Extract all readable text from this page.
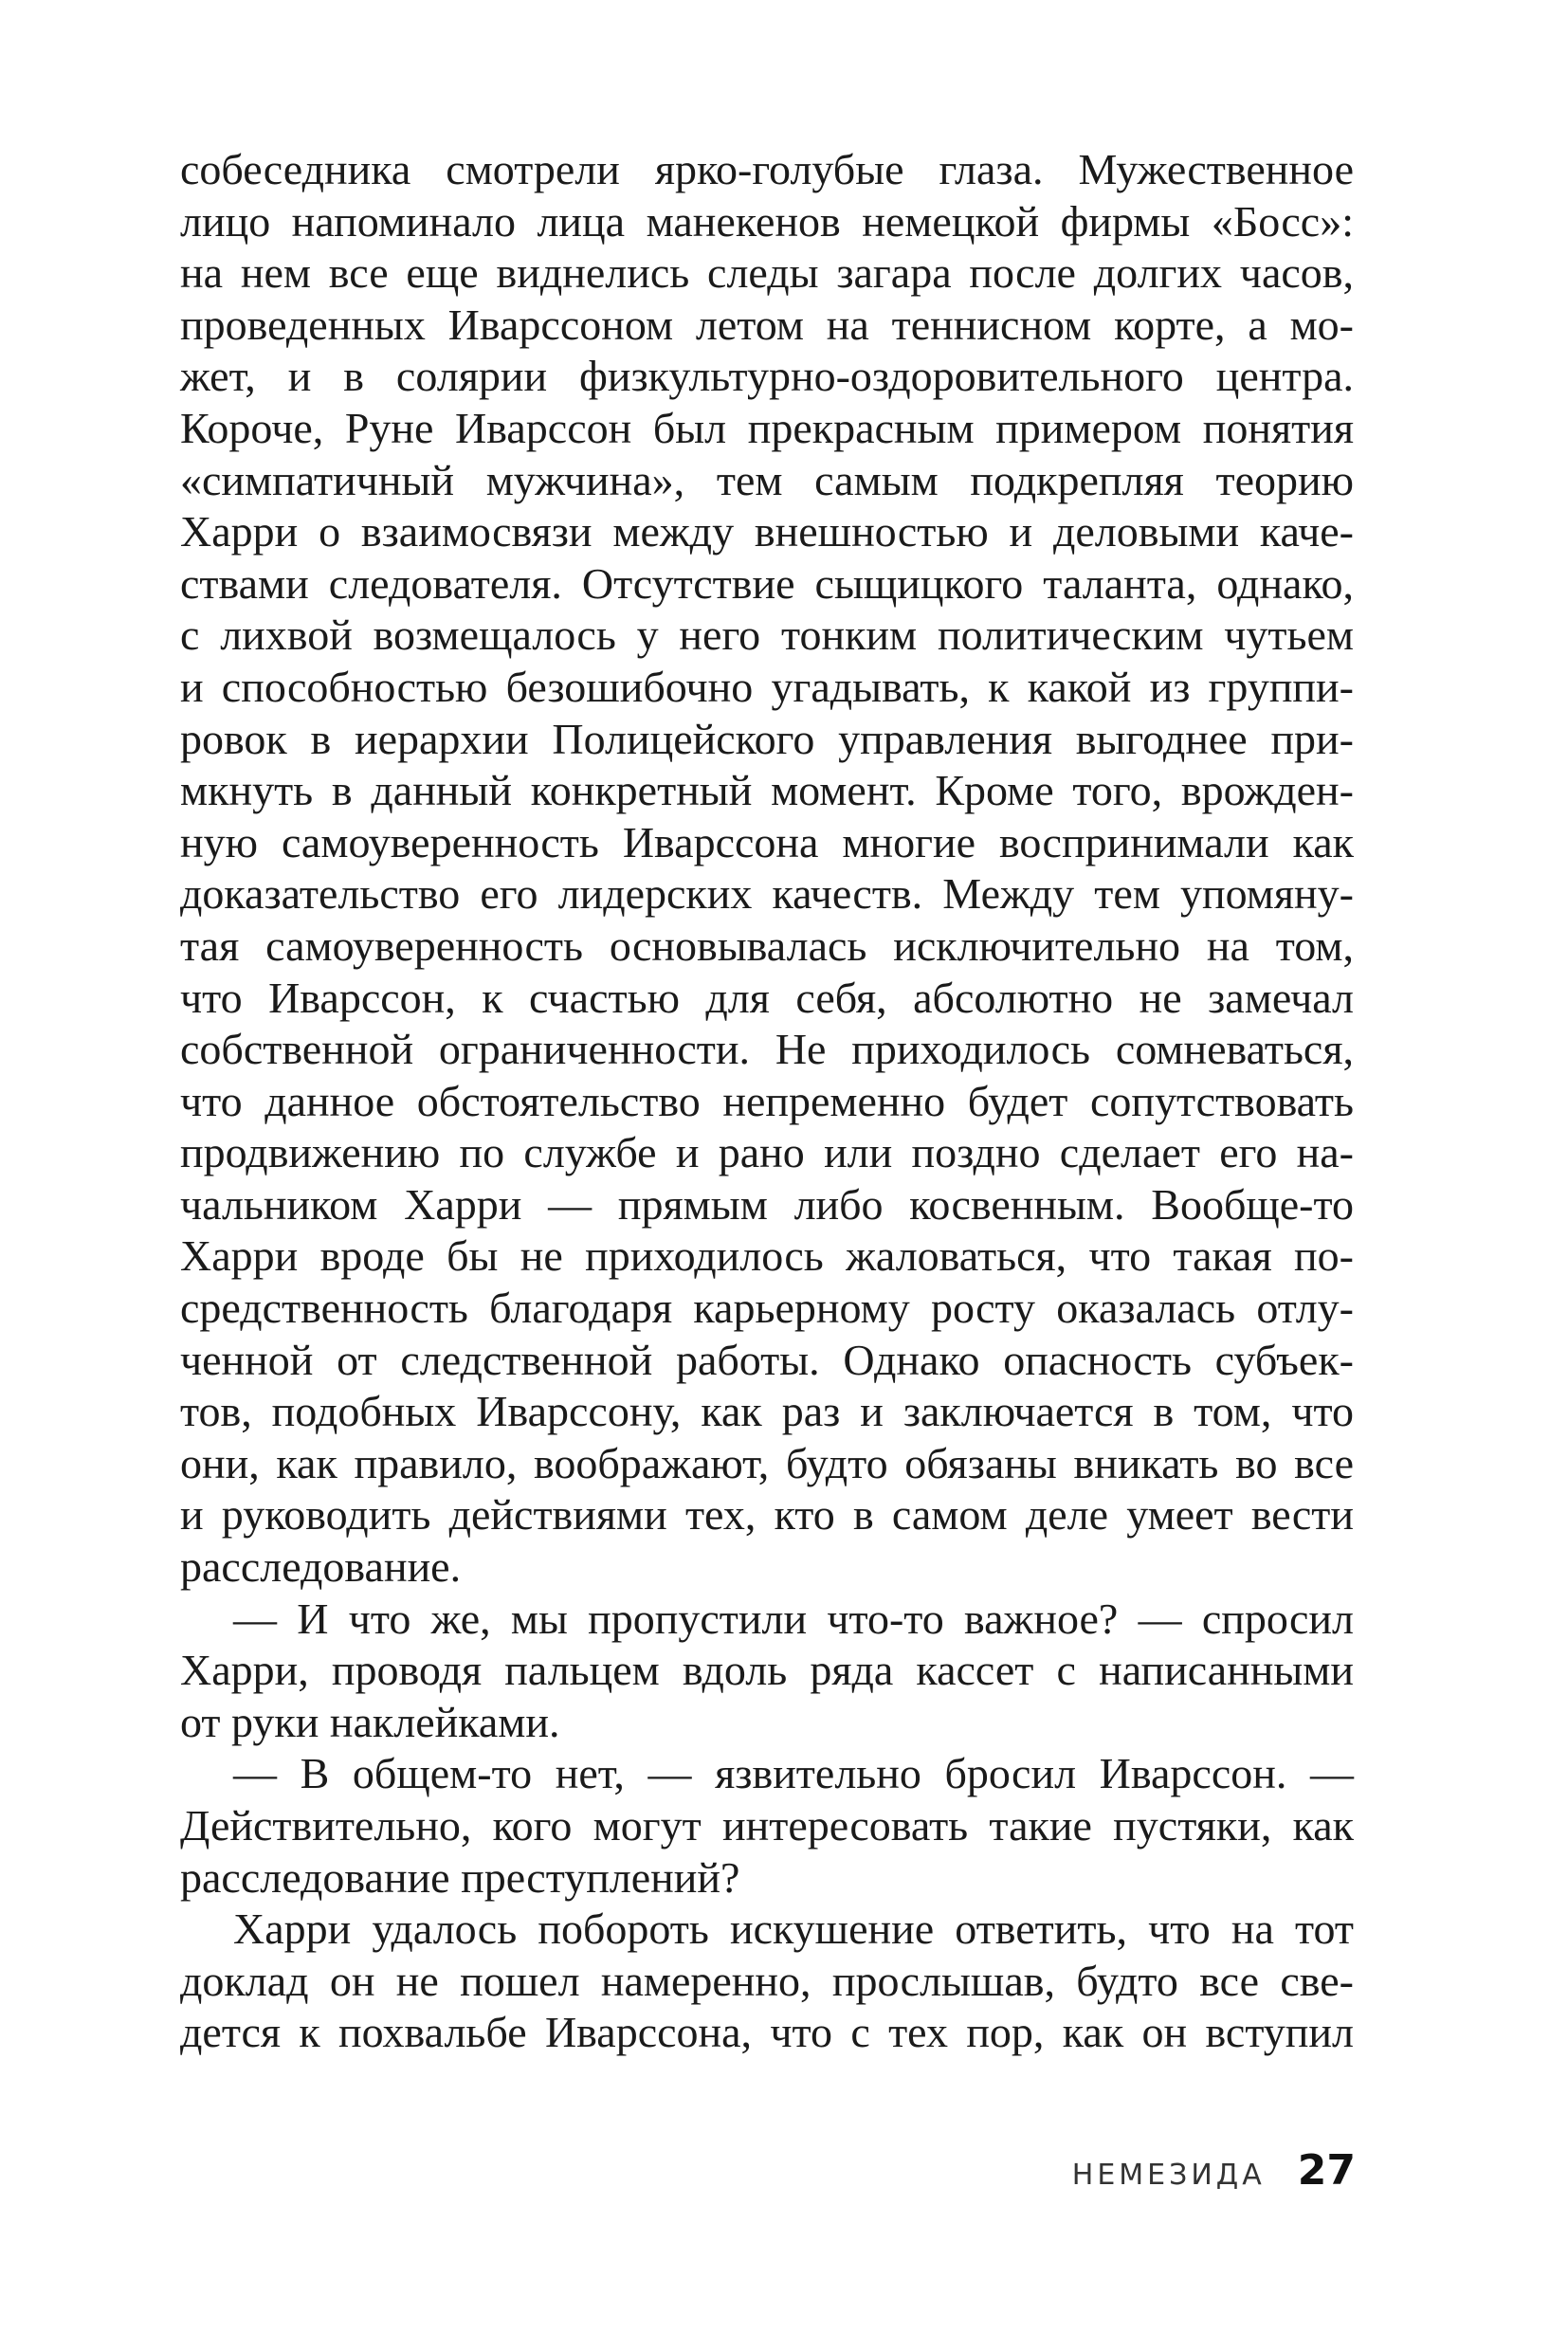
собеседника смотрели ярко-голубые глаза. Мужественное
лицо напоминало лица манекенов немецкой фирмы «Босс»:
на нем все еще виднелись следы загара после долгих часов,
проведенных Иварссоном летом на теннисном корте, а мо-
жет, и в солярии физкультурно-оздоровительного центра.
Короче, Руне Иварссон был прекрасным примером понятия
«симпатичный мужчина», тем самым подкрепляя теорию
Харри о взаимосвязи между внешностью и деловыми каче-
ствами следователя. Отсутствие сыщицкого таланта, однако,
с лихвой возмещалось у него тонким политическим чутьем
и способностью безошибочно угадывать, к какой из группи-
ровок в иерархии Полицейского управления выгоднее при-
мкнуть в данный конкретный момент. Кроме того, врожден-
ную самоуверенность Иварссона многие воспринимали как
доказательство его лидерских качеств. Между тем упомяну-
тая самоуверенность основывалась исключительно на том,
что Иварссон, к счастью для себя, абсолютно не замечал
собственной ограниченности. Не приходилось сомневаться,
что данное обстоятельство непременно будет сопутствовать
продвижению по службе и рано или поздно сделает его на-
чальником Харри — прямым либо косвенным. Вообще-то
Харри вроде бы не приходилось жаловаться, что такая по-
средственность благодаря карьерному росту оказалась отлу-
ченной от следственной работы. Однако опасность субъек-
тов, подобных Иварссону, как раз и заключается в том, что
они, как правило, воображают, будто обязаны вникать во все
и руководить действиями тех, кто в самом деле умеет вести
расследование.
— И что же, мы пропустили что-то важное? — спросил
Харри, проводя пальцем вдоль ряда кассет с написанными
от руки наклейками.
— В общем-то нет, — язвительно бросил Иварссон. —
Действительно, кого могут интересовать такие пустяки, как
расследование преступлений?
Харри удалось побороть искушение ответить, что на тот
доклад он не пошел намеренно, прослышав, будто все све-
дется к похвальбе Иварссона, что с тех пор, как он вступил
НЕМЕЗИДА 27
